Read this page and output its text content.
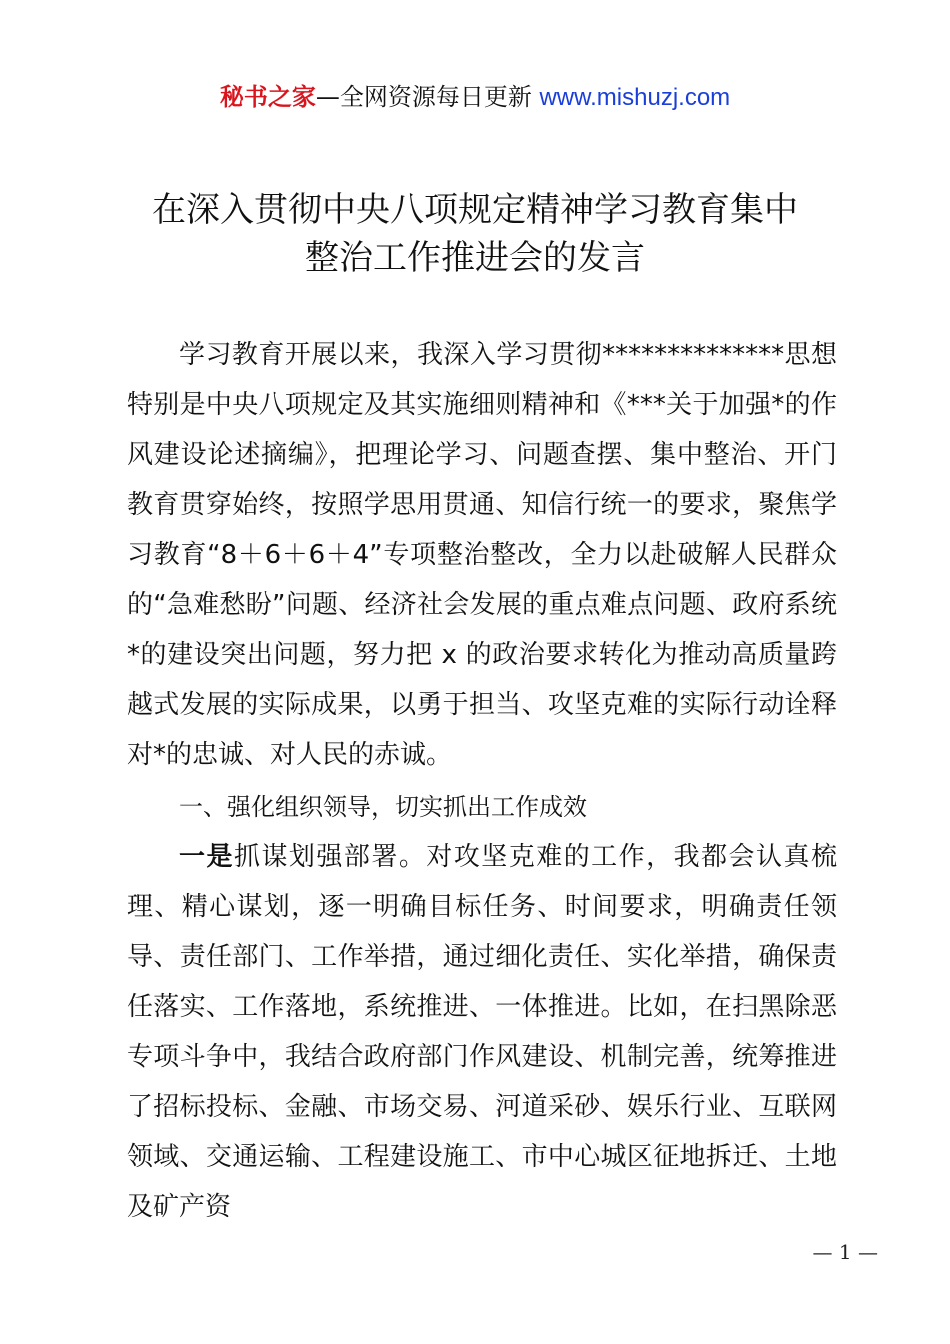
秘书之家—全网资源每日更新 www.mishuzj.com
在深入贯彻中央八项规定精神学习教育集中
整治工作推进会的发言

学习教育开展以来，我深入学习贯彻**************思想特别是中央八项规定及其实施细则精神和《***关于加强*的作风建设论述摘编》，把理论学习、问题查摆、集中整治、开门教育贯穿始终，按照学思用贯通、知信行统一的要求，聚焦学习教育“8＋6＋6＋4”专项整治整改，全力以赴破解人民群众的“急难愁盼”问题、经济社会发展的重点难点问题、政府系统*的建设突出问题，努力把 x 的政治要求转化为推动高质量跨越式发展的实际成果，以勇于担当、攻坚克难的实际行动诠释对*的忠诚、对人民的赤诚。

一、强化组织领导，切实抓出工作成效

一是抓谋划强部署。对攻坚克难的工作，我都会认真梳理、精心谋划，逐一明确目标任务、时间要求，明确责任领导、责任部门、工作举措，通过细化责任、实化举措，确保责任落实、工作落地，系统推进、一体推进。比如，在扫黑除恶专项斗争中，我结合政府部门作风建设、机制完善，统筹推进了招标投标、金融、市场交易、河道采砂、娱乐行业、互联网领域、交通运输、工程建设施工、市中心城区征地拆迁、土地及矿产资

— 1 —
